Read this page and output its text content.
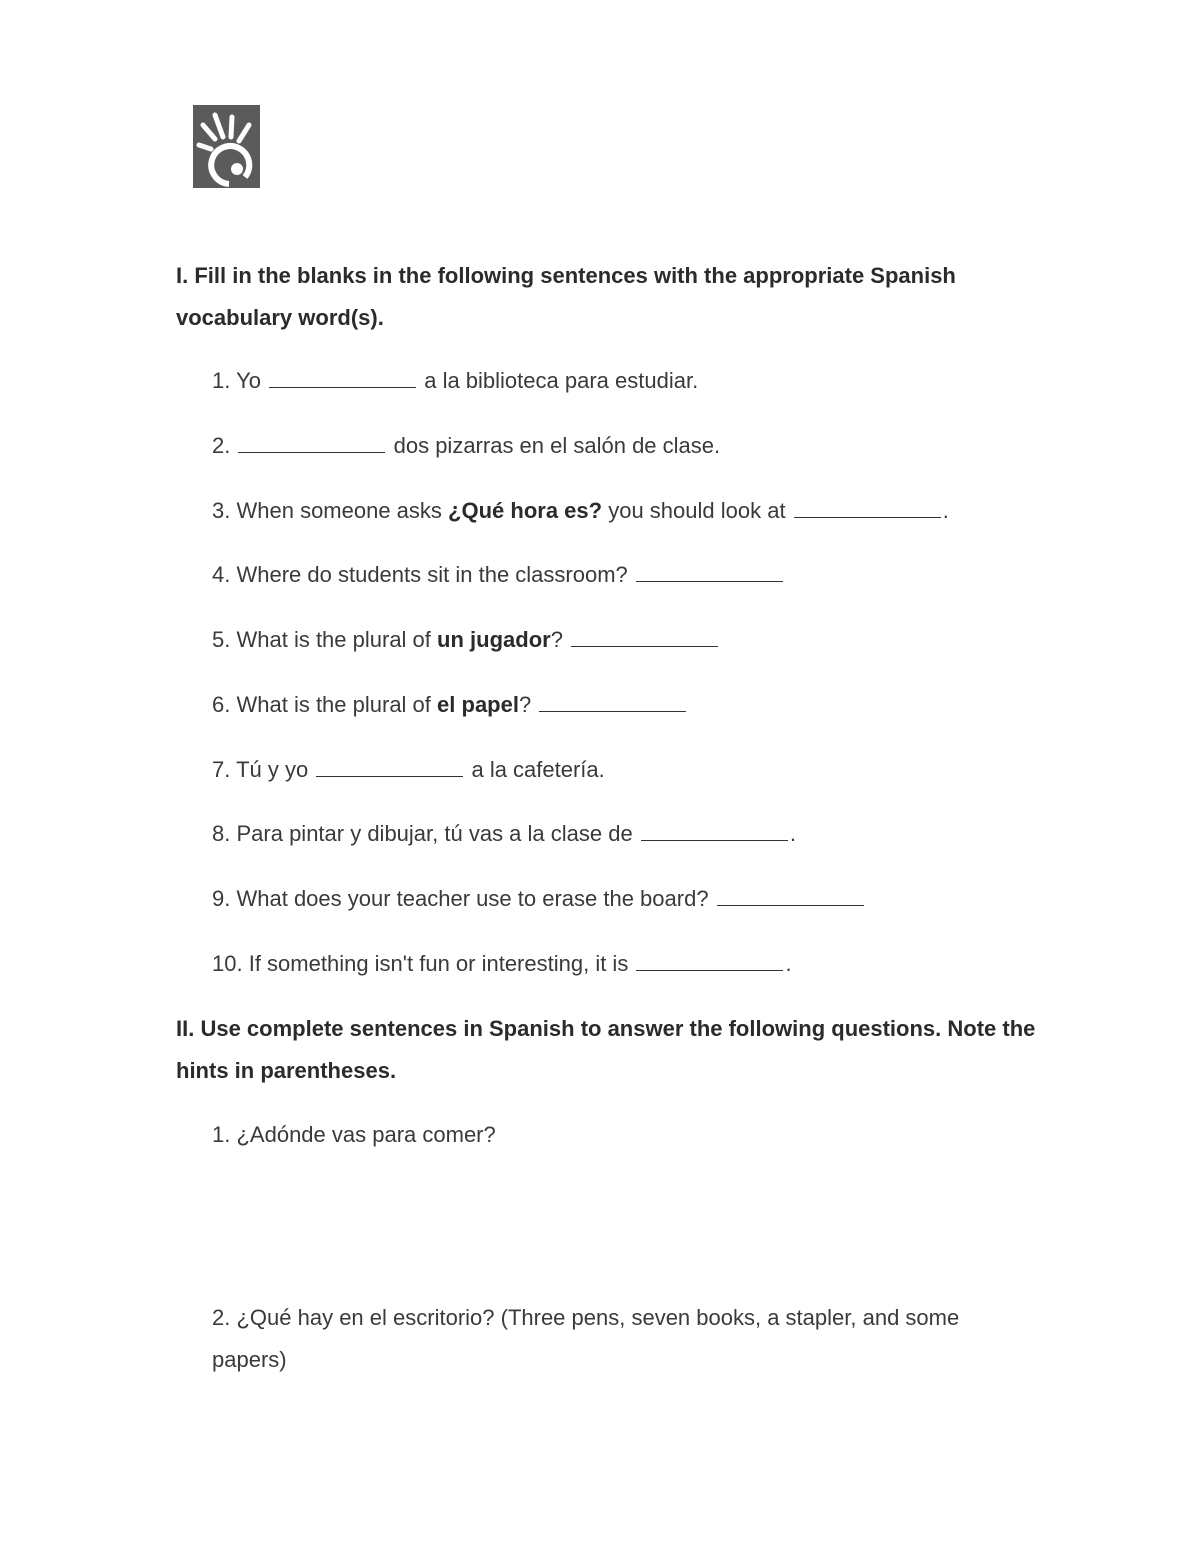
I. Fill in the blanks in the following sentences with the appropriate Spanish vocabulary word(s).

1. Yo	a la biblioteca para estudiar.

2.	dos pizarras en el salón de clase.

3. When someone asks ¿Qué hora es? you should look at	.

4. Where do students sit in the classroom?

5. What is the plural of un jugador?

6. What is the plural of el papel?

7. Tú y yo	a la cafetería.

8. Para pintar y dibujar, tú vas a la clase de	.

9. What does your teacher use to erase the board?

10. If something isn't fun or interesting, it is	.

II. Use complete sentences in Spanish to answer the following questions. Note the hints in parentheses.

1. ¿Adónde vas para comer?

2. ¿Qué hay en el escritorio? (Three pens, seven books, a stapler, and some papers)
